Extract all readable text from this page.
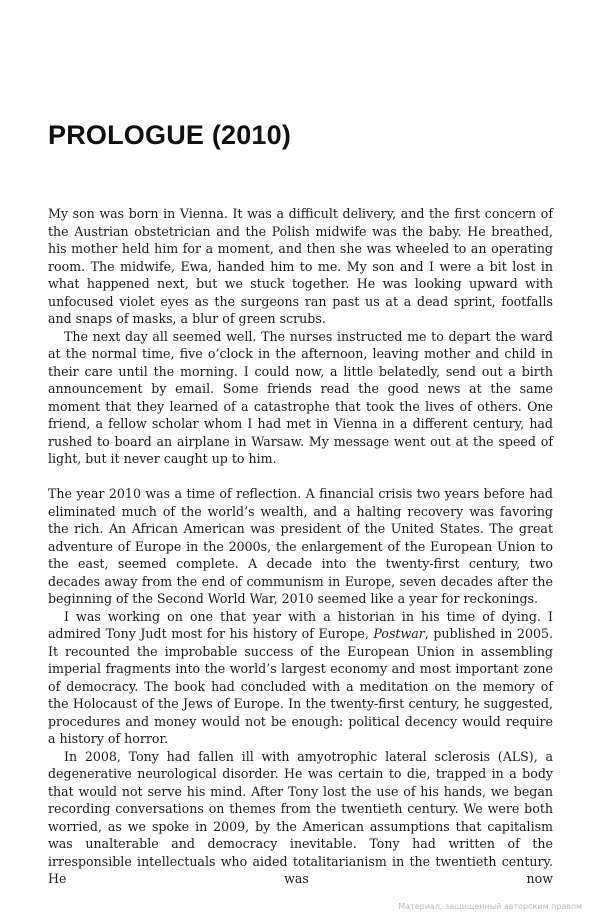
PROLOGUE (2010)

My son was born in Vienna. It was a difficult delivery, and the first concern of the Austrian obstetrician and the Polish midwife was the baby. He breathed, his mother held him for a moment, and then she was wheeled to an operating room. The midwife, Ewa, handed him to me. My son and I were a bit lost in what happened next, but we stuck together. He was looking upward with unfocused violet eyes as the surgeons ran past us at a dead sprint, footfalls and snaps of masks, a blur of green scrubs.

The next day all seemed well. The nurses instructed me to depart the ward at the normal time, five o’clock in the afternoon, leaving mother and child in their care until the morning. I could now, a little belatedly, send out a birth announcement by email. Some friends read the good news at the same moment that they learned of a catastrophe that took the lives of others. One friend, a fellow scholar whom I had met in Vienna in a different century, had rushed to board an airplane in Warsaw. My message went out at the speed of light, but it never caught up to him.

The year 2010 was a time of reflection. A financial crisis two years before had eliminated much of the world’s wealth, and a halting recovery was favoring the rich. An African American was president of the United States. The great adventure of Europe in the 2000s, the enlargement of the European Union to the east, seemed complete. A decade into the twenty-first century, two decades away from the end of communism in Europe, seven decades after the beginning of the Second World War, 2010 seemed like a year for reckonings.

I was working on one that year with a historian in his time of dying. I admired Tony Judt most for his history of Europe, Postwar, published in 2005. It recounted the improbable success of the European Union in assembling imperial fragments into the world’s largest economy and most important zone of democracy. The book had concluded with a meditation on the memory of the Holocaust of the Jews of Europe. In the twenty-first century, he suggested, procedures and money would not be enough: political decency would require a history of horror.

In 2008, Tony had fallen ill with amyotrophic lateral sclerosis (ALS), a degenerative neurological disorder. He was certain to die, trapped in a body that would not serve his mind. After Tony lost the use of his hands, we began recording conversations on themes from the twentieth century. We were both worried, as we spoke in 2009, by the American assumptions that capitalism was unalterable and democracy inevitable. Tony had written of the irresponsible intellectuals who aided totalitarianism in the twentieth century. He was now

Материал, защищенный авторским правом
